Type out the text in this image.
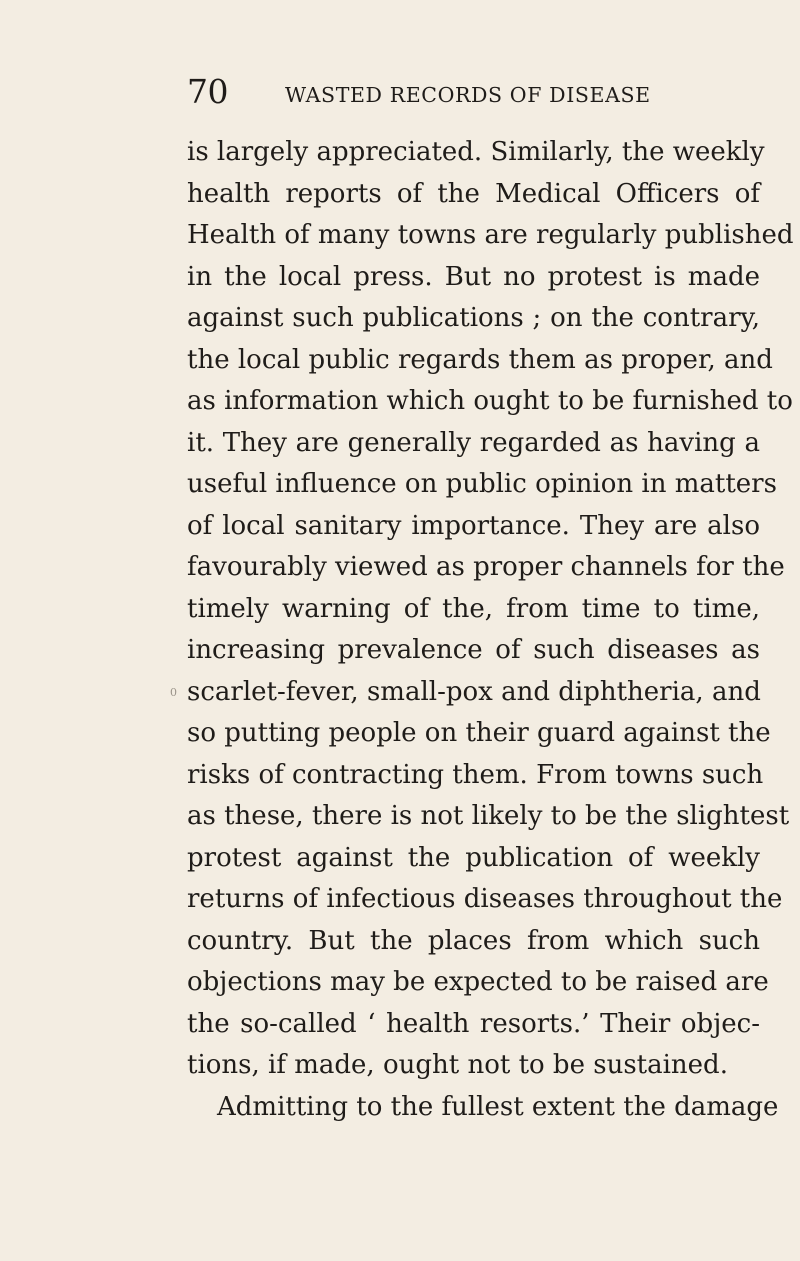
70	WASTED RECORDS OF DISEASE
0
is largely appreciated. Similarly, the weekly
health reports of the Medical Officers of
Health of many towns are regularly published
in the local press. But no protest is made
against such publications ; on the contrary,
the local public regards them as proper, and
as information which ought to be furnished to
it. They are generally regarded as having a
useful influence on public opinion in matters
of local sanitary importance. They are also
favourably viewed as proper channels for the
timely warning of the, from time to time,
increasing prevalence of such diseases as
scarlet-fever, small-pox and diphtheria, and
so putting people on their guard against the
risks of contracting them. From towns such
as these, there is not likely to be the slightest
protest against the publication of weekly
returns of infectious diseases throughout the
country. But the places from which such
objections may be expected to be raised are
the so-called ‘ health resorts.’ Their objec-
tions, if made, ought not to be sustained.
Admitting to the fullest extent the damage
